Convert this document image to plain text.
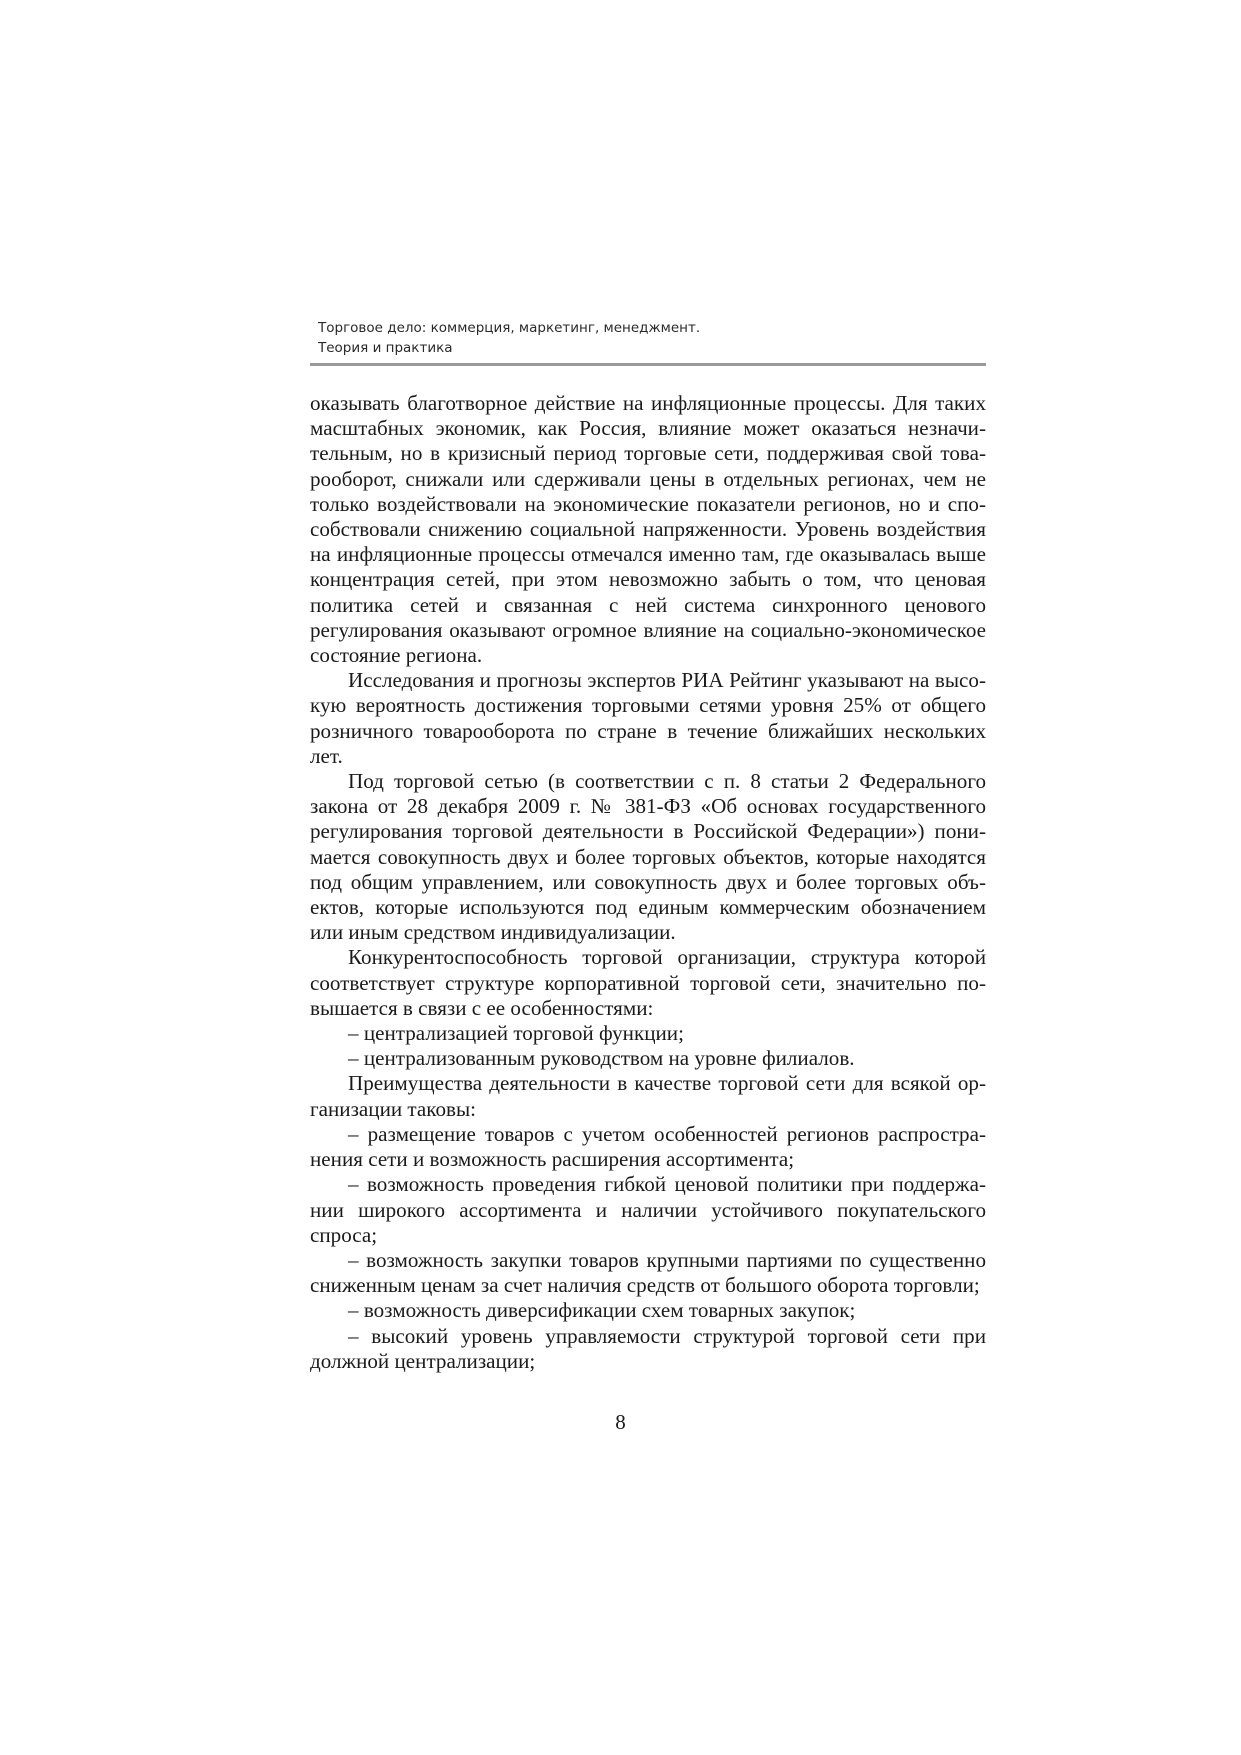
Торговое дело: коммерция, маркетинг, менеджмент.
Теория и практика

оказывать благотворное действие на инфляционные процессы. Для таких масштабных экономик, как Россия, влияние может оказаться незначительным, но в кризисный период торговые сети, поддерживая свой товарооборот, снижали или сдерживали цены в отдельных регионах, чем не только воздействовали на экономические показатели регионов, но и способствовали снижению социальной напряженности. Уровень воздействия на инфляционные процессы отмечался именно там, где оказывалась выше концентрация сетей, при этом невозможно забыть о том, что ценовая политика сетей и связанная с ней система синхронного ценового регулирования оказывают огромное влияние на социально-экономическое состояние региона.

Исследования и прогнозы экспертов РИА Рейтинг указывают на высокую вероятность достижения торговыми сетями уровня 25% от общего розничного товарооборота по стране в течение ближайших нескольких лет.

Под торговой сетью (в соответствии с п. 8 статьи 2 Федерального закона от 28 декабря 2009 г. № 381-ФЗ «Об основах государственного регулирования торговой деятельности в Российской Федерации») понимается совокупность двух и более торговых объектов, которые находятся под общим управлением, или совокупность двух и более торговых объектов, которые используются под единым коммерческим обозначением или иным средством индивидуализации.

Конкурентоспособность торговой организации, структура которой соответствует структуре корпоративной торговой сети, значительно повышается в связи с ее особенностями:

– централизацией торговой функции;

– централизованным руководством на уровне филиалов.

Преимущества деятельности в качестве торговой сети для всякой организации таковы:

– размещение товаров с учетом особенностей регионов распространения сети и возможность расширения ассортимента;

– возможность проведения гибкой ценовой политики при поддержании широкого ассортимента и наличии устойчивого покупательского спроса;

– возможность закупки товаров крупными партиями по существенно сниженным ценам за счет наличия средств от большого оборота торговли;

– возможность диверсификации схем товарных закупок;

– высокий уровень управляемости структурой торговой сети при должной централизации;

8
